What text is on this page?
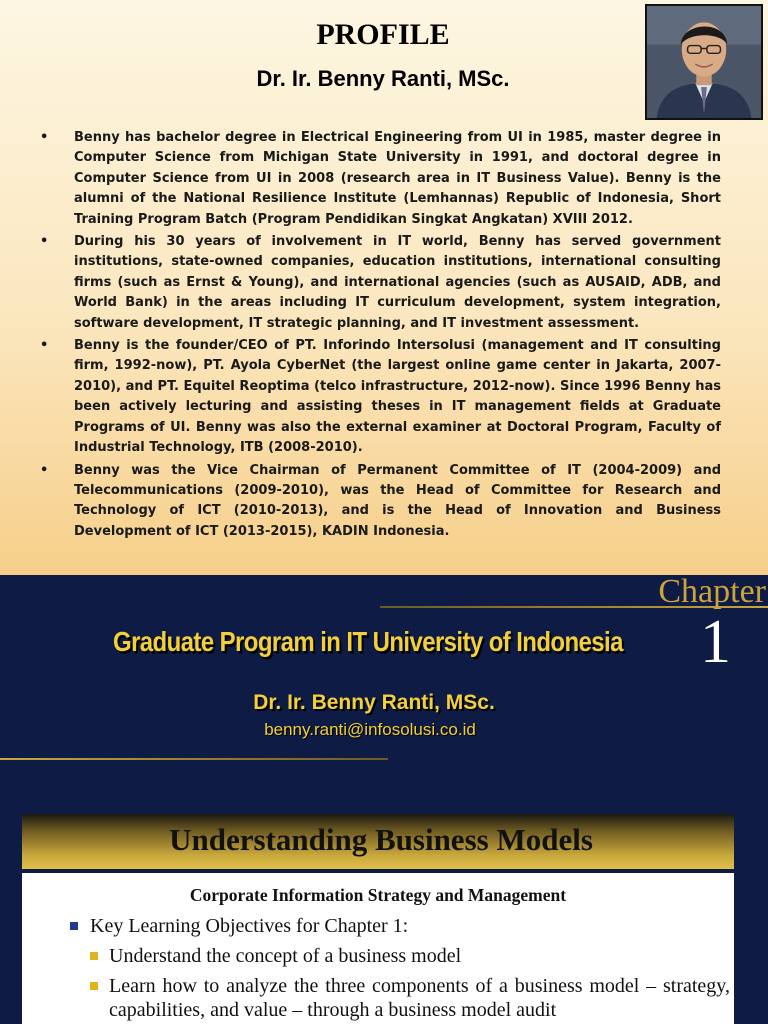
PROFILE
Dr. Ir. Benny Ranti, MSc.
• Benny has bachelor degree in Electrical Engineering from UI in 1985, master degree in Computer Science from Michigan State University in 1991, and doctoral degree in Computer Science from UI in 2008 (research area in IT Business Value). Benny is the alumni of the National Resilience Institute (Lemhannas) Republic of Indonesia, Short Training Program Batch (Program Pendidikan Singkat Angkatan) XVIII 2012.
• During his 30 years of involvement in IT world, Benny has served government institutions, state-owned companies, education institutions, international consulting firms (such as Ernst & Young), and international agencies (such as AUSAID, ADB, and World Bank) in the areas including IT curriculum development, system integration, software development, IT strategic planning, and IT investment assessment.
• Benny is the founder/CEO of PT. Inforindo Intersolusi (management and IT consulting firm, 1992-now), PT. Ayola CyberNet (the largest online game center in Jakarta, 2007-2010), and PT. Equitel Reoptima (telco infrastructure, 2012-now). Since 1996 Benny has been actively lecturing and assisting theses in IT management fields at Graduate Programs of UI. Benny was also the external examiner at Doctoral Program, Faculty of Industrial Technology, ITB (2008-2010).
• Benny was the Vice Chairman of Permanent Committee of IT (2004-2009) and Telecommunications (2009-2010), was the Head of Committee for Research and Technology of ICT (2010-2013), and is the Head of Innovation and Business Development of ICT (2013-2015), KADIN Indonesia.
Chapter
1
Graduate Program in IT University of Indonesia
Dr. Ir. Benny Ranti, MSc.
benny.ranti@infosolusi.co.id
Understanding Business Models
Corporate Information Strategy and Management
Key Learning Objectives for Chapter 1:
Understand the concept of a business model
Learn how to analyze the three components of a business model – strategy, capabilities, and value – through a business model audit
